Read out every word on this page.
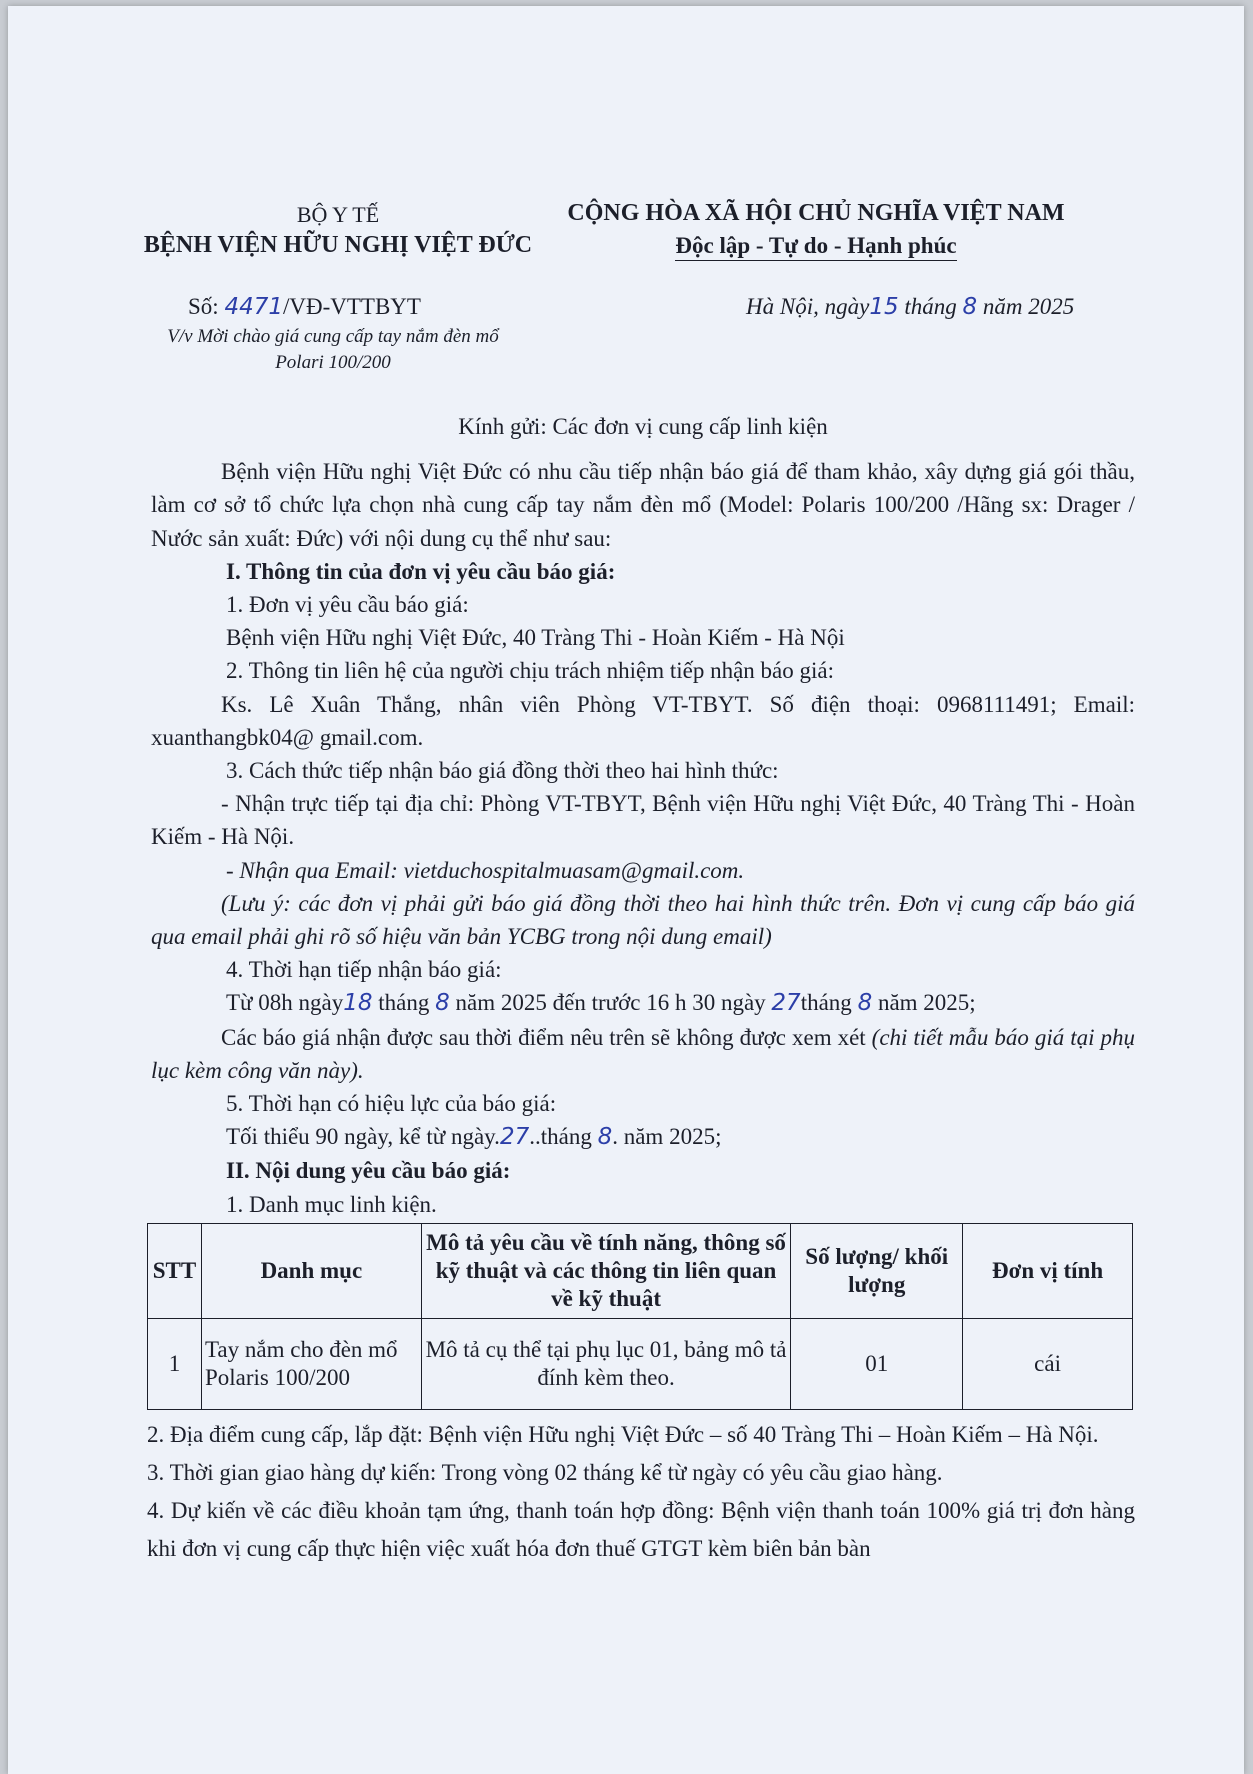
BỘ Y TẾ
BỆNH VIỆN HỮU NGHỊ VIỆT ĐỨC
CỘNG HÒA XÃ HỘI CHỦ NGHĨA VIỆT NAM
Độc lập - Tự do - Hạnh phúc
Số: 4471/VĐ-VTTBYT
V/v Mời chào giá cung cấp tay nắm đèn mổ
Polari 100/200
Hà Nội, ngày15 tháng 8 năm 2025

Kính gửi: Các đơn vị cung cấp linh kiện

Bệnh viện Hữu nghị Việt Đức có nhu cầu tiếp nhận báo giá để tham khảo, xây dựng giá gói thầu, làm cơ sở tổ chức lựa chọn nhà cung cấp tay nắm đèn mổ (Model: Polaris 100/200 /Hãng sx: Drager / Nước sản xuất: Đức) với nội dung cụ thể như sau:

I. Thông tin của đơn vị yêu cầu báo giá:

1. Đơn vị yêu cầu báo giá:

Bệnh viện Hữu nghị Việt Đức, 40 Tràng Thi - Hoàn Kiếm - Hà Nội

2. Thông tin liên hệ của người chịu trách nhiệm tiếp nhận báo giá:

Ks. Lê Xuân Thắng, nhân viên Phòng VT-TBYT. Số điện thoại: 0968111491; Email: xuanthangbk04@ gmail.com.

3. Cách thức tiếp nhận báo giá đồng thời theo hai hình thức:

- Nhận trực tiếp tại địa chỉ: Phòng VT-TBYT, Bệnh viện Hữu nghị Việt Đức, 40 Tràng Thi - Hoàn Kiếm - Hà Nội.

- Nhận qua Email: vietduchospitalmuasam@gmail.com.

(Lưu ý: các đơn vị phải gửi báo giá đồng thời theo hai hình thức trên. Đơn vị cung cấp báo giá qua email phải ghi rõ số hiệu văn bản YCBG trong nội dung email)

4. Thời hạn tiếp nhận báo giá:

Từ 08h ngày18 tháng 8 năm 2025 đến trước 16 h 30 ngày 27tháng 8 năm 2025;

Các báo giá nhận được sau thời điểm nêu trên sẽ không được xem xét (chi tiết mẫu báo giá tại phụ lục kèm công văn này).

5. Thời hạn có hiệu lực của báo giá:

Tối thiểu 90 ngày, kể từ ngày.27..tháng 8. năm 2025;

II. Nội dung yêu cầu báo giá:

1. Danh mục linh kiện.

STT	Danh mục	Mô tả yêu cầu về tính năng, thông số kỹ thuật và các thông tin liên quan về kỹ thuật	Số lượng/ khối lượng	Đơn vị tính
1	Tay nắm cho đèn mổ Polaris 100/200	Mô tả cụ thể tại phụ lục 01, bảng mô tả đính kèm theo.	01	cái

2. Địa điểm cung cấp, lắp đặt: Bệnh viện Hữu nghị Việt Đức – số 40 Tràng Thi – Hoàn Kiếm – Hà Nội.

3. Thời gian giao hàng dự kiến: Trong vòng 02 tháng kể từ ngày có yêu cầu giao hàng.

4. Dự kiến về các điều khoản tạm ứng, thanh toán hợp đồng: Bệnh viện thanh toán 100% giá trị đơn hàng khi đơn vị cung cấp thực hiện việc xuất hóa đơn thuế GTGT kèm biên bản bàn
